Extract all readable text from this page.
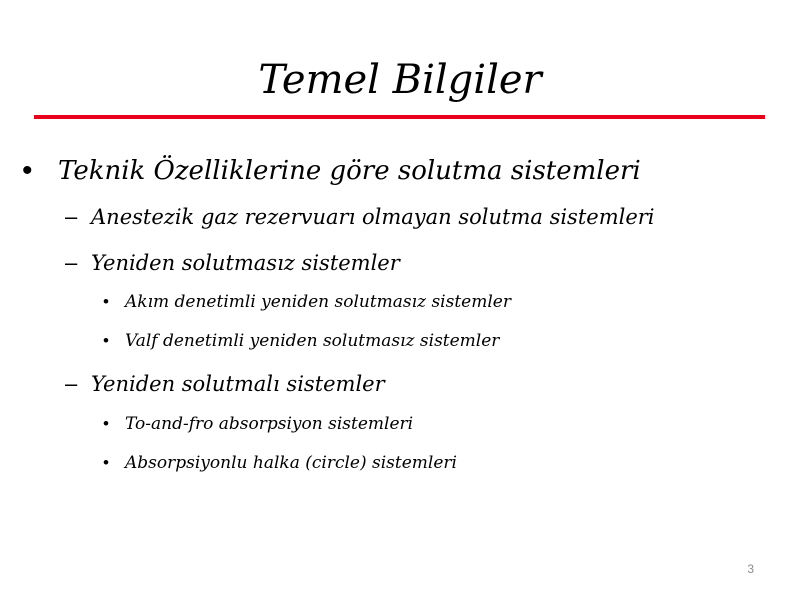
Temel Bilgiler
• Teknik Özelliklerine göre solutma sistemleri
– Anestezik gaz rezervuarı olmayan solutma sistemleri
– Yeniden solutmasız sistemler
• Akım denetimli yeniden solutmasız sistemler
• Valf denetimli yeniden solutmasız sistemler
– Yeniden solutmalı sistemler
• To-and-fro absorpsiyon sistemleri
• Absorpsiyonlu halka (circle) sistemleri
3
